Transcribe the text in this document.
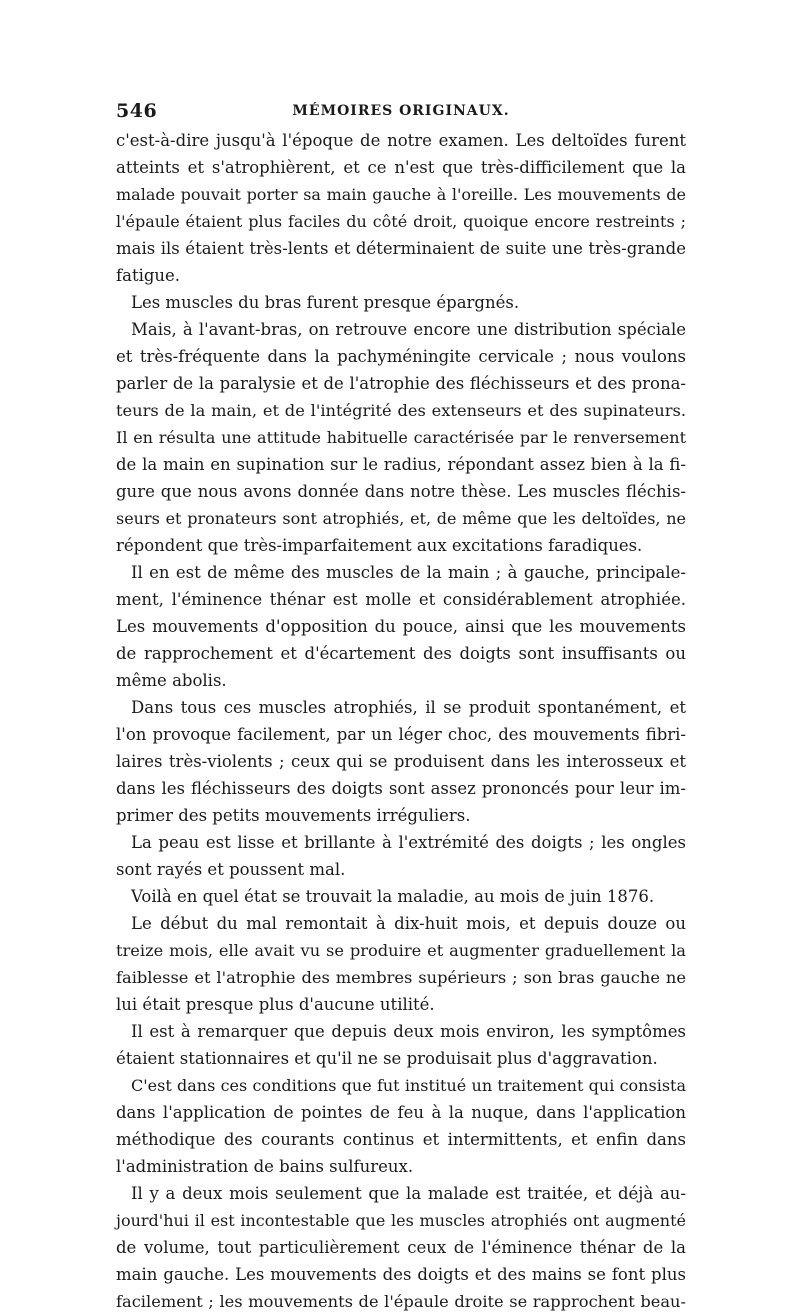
546	MÉMOIRES ORIGINAUX.
c'est-à-dire jusqu'à l'époque de notre examen. Les deltoïdes furent
atteints et s'atrophièrent, et ce n'est que très-difficilement que la
malade pouvait porter sa main gauche à l'oreille. Les mouvements de
l'épaule étaient plus faciles du côté droit, quoique encore restreints ;
mais ils étaient très-lents et déterminaient de suite une très-grande
fatigue.
Les muscles du bras furent presque épargnés.
Mais, à l'avant-bras, on retrouve encore une distribution spéciale
et très-fréquente dans la pachyméningite cervicale ; nous voulons
parler de la paralysie et de l'atrophie des fléchisseurs et des prona-
teurs de la main, et de l'intégrité des extenseurs et des supinateurs.
Il en résulta une attitude habituelle caractérisée par le renversement
de la main en supination sur le radius, répondant assez bien à la fi-
gure que nous avons donnée dans notre thèse. Les muscles fléchis-
seurs et pronateurs sont atrophiés, et, de même que les deltoïdes, ne
répondent que très-imparfaitement aux excitations faradiques.
Il en est de même des muscles de la main ; à gauche, principale-
ment, l'éminence thénar est molle et considérablement atrophiée.
Les mouvements d'opposition du pouce, ainsi que les mouvements
de rapprochement et d'écartement des doigts sont insuffisants ou
même abolis.
Dans tous ces muscles atrophiés, il se produit spontanément, et
l'on provoque facilement, par un léger choc, des mouvements fibri-
laires très-violents ; ceux qui se produisent dans les interosseux et
dans les fléchisseurs des doigts sont assez prononcés pour leur im-
primer des petits mouvements irréguliers.
La peau est lisse et brillante à l'extrémité des doigts ; les ongles
sont rayés et poussent mal.
Voilà en quel état se trouvait la maladie, au mois de juin 1876.
Le début du mal remontait à dix-huit mois, et depuis douze ou
treize mois, elle avait vu se produire et augmenter graduellement la
faiblesse et l'atrophie des membres supérieurs ; son bras gauche ne
lui était presque plus d'aucune utilité.
Il est à remarquer que depuis deux mois environ, les symptômes
étaient stationnaires et qu'il ne se produisait plus d'aggravation.
C'est dans ces conditions que fut institué un traitement qui consista
dans l'application de pointes de feu à la nuque, dans l'application
méthodique des courants continus et intermittents, et enfin dans
l'administration de bains sulfureux.
Il y a deux mois seulement que la malade est traitée, et déjà au-
jourd'hui il est incontestable que les muscles atrophiés ont augmenté
de volume, tout particulièrement ceux de l'éminence thénar de la
main gauche. Les mouvements des doigts et des mains se font plus
facilement ; les mouvements de l'épaule droite se rapprochent beau-
